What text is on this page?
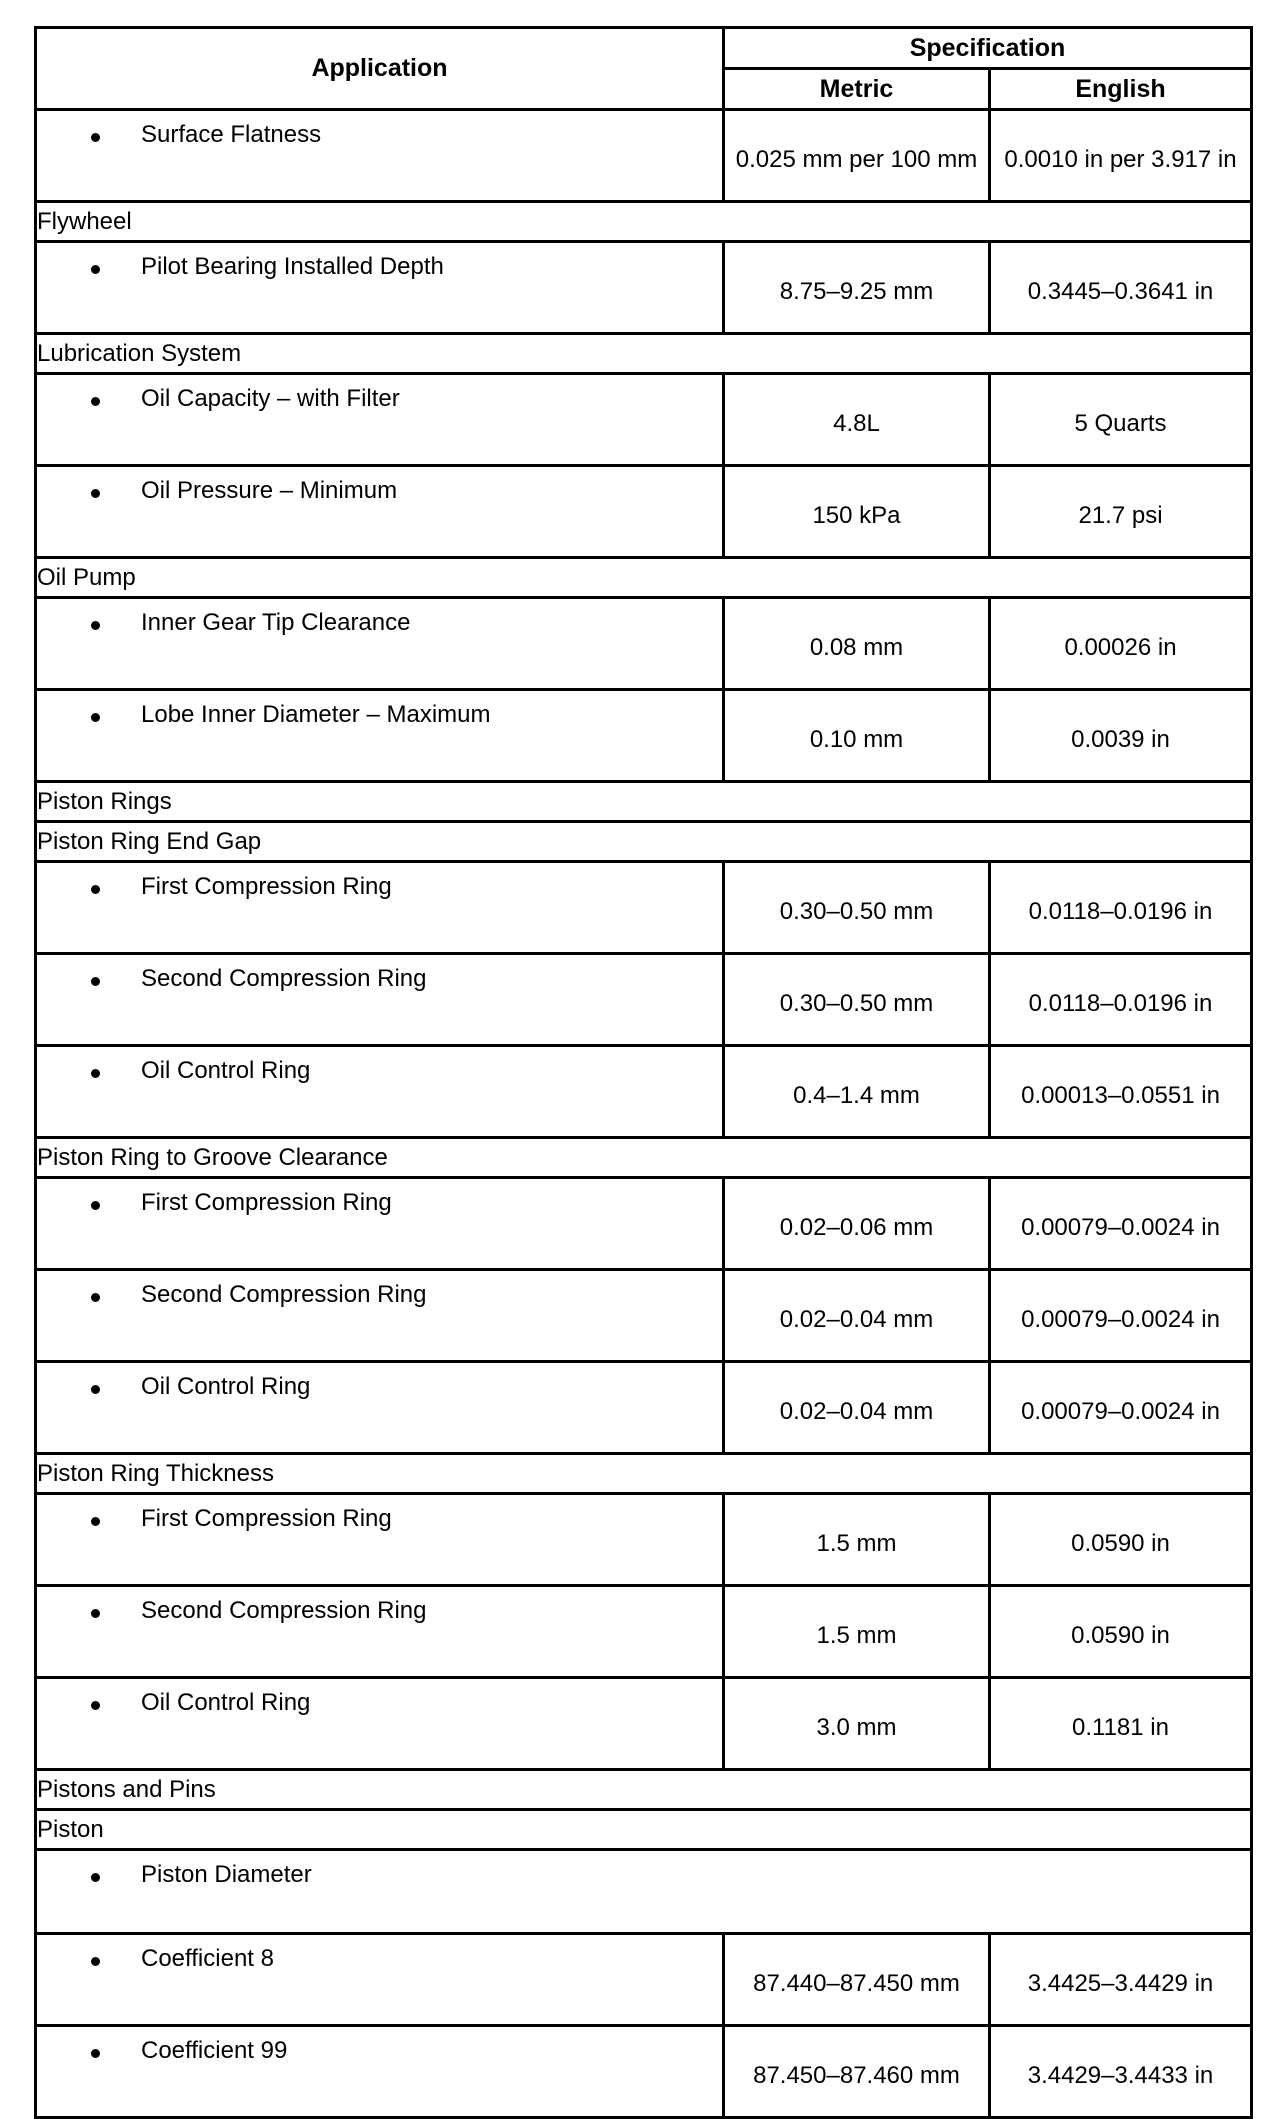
Application	Specification	
	Metric	English

Surface Flatness	0.025 mm per 100 mm	0.0010 in per 3.917 in
Flywheel		

Pilot Bearing Installed Depth	8.75–9.25 mm	0.3445–0.3641 in
Lubrication System		

Oil Capacity – with Filter	4.8L	5 Quarts

Oil Pressure – Minimum	150 kPa	21.7 psi
Oil Pump		

Inner Gear Tip Clearance	0.08 mm	0.00026 in

Lobe Inner Diameter – Maximum	0.10 mm	0.0039 in
Piston Rings		
Piston Ring End Gap		

First Compression Ring	0.30–0.50 mm	0.0118–0.0196 in

Second Compression Ring	0.30–0.50 mm	0.0118–0.0196 in

Oil Control Ring	0.4–1.4 mm	0.00013–0.0551 in
Piston Ring to Groove Clearance		

First Compression Ring	0.02–0.06 mm	0.00079–0.0024 in

Second Compression Ring	0.02–0.04 mm	0.00079–0.0024 in

Oil Control Ring	0.02–0.04 mm	0.00079–0.0024 in
Piston Ring Thickness		

First Compression Ring	1.5 mm	0.0590 in

Second Compression Ring	1.5 mm	0.0590 in

Oil Control Ring	3.0 mm	0.1181 in
Pistons and Pins		
Piston		

Piston Diameter		

Coefficient 8	87.440–87.450 mm	3.4425–3.4429 in

Coefficient 99	87.450–87.460 mm	3.4429–3.4433 in
